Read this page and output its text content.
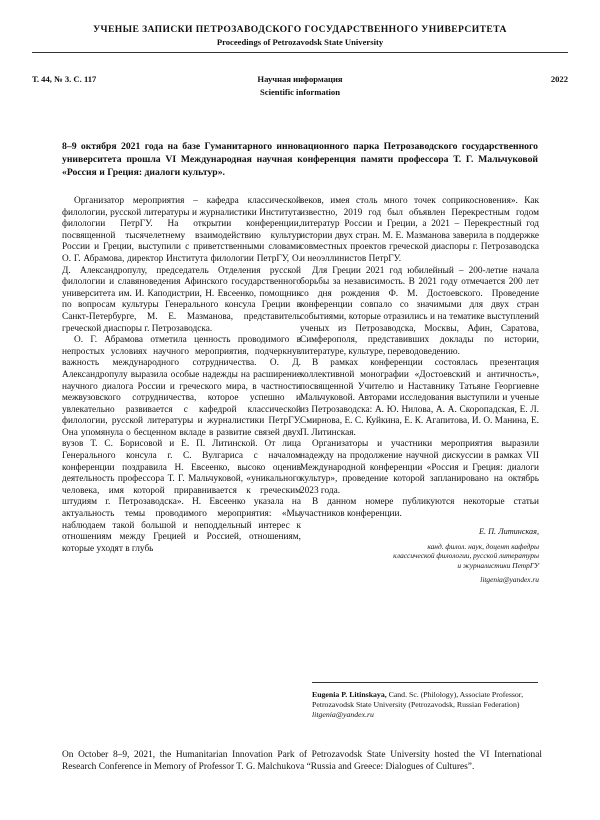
УЧЕНЫЕ ЗАПИСКИ ПЕТРОЗАВОДСКОГО ГОСУДАРСТВЕННОГО УНИВЕРСИТЕТА
Proceedings of Petrozavodsk State University
Т. 44, № 3. С. 117	Научная информация
Scientific information
2022
8–9 октября 2021 года на базе Гуманитарного инновационного парка Петрозаводского государственного университета прошла VI Международная научная конференция памяти профессора Т. Г. Мальчуковой «Россия и Греция: диалоги культур».

Организатор мероприятия – кафедра классической филологии, русской литературы и журналистики Института филологии ПетрГУ. На открытии конференции, посвященной тысячелетнему взаимодействию культур России и Греции, выступили с приветственными словами О. Г. Абрамова, директор Института филологии ПетрГУ, О. Д. Александропулу, председатель Отделения русской филологии и славяноведения Афинского государственного университета им. И. Каподистрии, Н. Евсеенко, помощник по вопросам культуры Генерального консула Греции в Санкт-Петербурге, М. Е. Мазманова, представитель греческой диаспоры г. Петрозаводска.

О. Г. Абрамова отметила ценность проводимого в непростых условиях научного мероприятия, подчеркнув важность международного сотрудничества. О. Д. Александропулу выразила особые надежды на расширение научного диалога России и греческого мира, в частности межвузовского сотрудничества, которое успешно и увлекательно развивается с кафедрой классической филологии, русской литературы и журналистики ПетрГУ. Она упомянула о бесценном вкладе в развитие связей двух вузов Т. С. Борисовой и Е. П. Литинской. От лица Генерального консула г. С. Вулгариса с началом конференции поздравила Н. Евсеенко, высоко оценив деятельность профессора Т. Г. Мальчуковой, «уникального человека, имя которой приравнивается к греческим штудиям г. Петрозаводска». Н. Евсеенко указала на актуальность темы проводимого мероприятия: «Мы наблюдаем такой большой и неподдельный интерес к отношениям между Грецией и Россией, отношениям, которые уходят в глубь

веков, имея столь много точек соприкосновения». Как известно, 2019 год был объявлен Перекрестным годом литератур России и Греции, а 2021 – Перекрестный год истории двух стран. М. Е. Мазманова заверила в поддержке совместных проектов греческой диаспоры г. Петрозаводска и неоэллинистов ПетрГУ.

Для Греции 2021 год юбилейный – 200-летие начала борьбы за независимость. В 2021 году отмечается 200 лет со дня рождения Ф. М. Достоевского. Проведение конференции совпало со значимыми для двух стран событиями, которые отразились и на тематике выступлений ученых из Петрозаводска, Москвы, Афин, Саратова, Симферополя, представивших доклады по истории, литературе, культуре, переводоведению.

В рамках конференции состоялась презентация коллективной монографии «Достоевский и античность», посвященной Учителю и Наставнику Татьяне Георгиевне Мальчуковой. Авторами исследования выступили и ученые из Петрозаводска: А. Ю. Нилова, А. А. Скоропадская, Е. Л. Смирнова, Е. С. Куйкина, Е. К. Агапитова, И. О. Манина, Е. П. Литинская.

Организаторы и участники мероприятия выразили надежду на продолжение научной дискуссии в рамках VII Международной конференции «Россия и Греция: диалоги культур», проведение которой запланировано на октябрь 2023 года.

В данном номере публикуются некоторые статьи участников конференции.

Е. П. Литинская,
канд. филол. наук, доцент кафедры
классической филологии, русской литературы
и журналистики ПетрГУ
litgenia@yandex.ru
Eugenia P. Litinskaya, Cand. Sc. (Philology), Associate Professor, Petrozavodsk State University (Petrozavodsk, Russian Federation)
litgenia@yandex.ru
On October 8–9, 2021, the Humanitarian Innovation Park of Petrozavodsk State University hosted the VI International Research Conference in Memory of Professor T. G. Malchukova “Russia and Greece: Dialogues of Cultures”.
